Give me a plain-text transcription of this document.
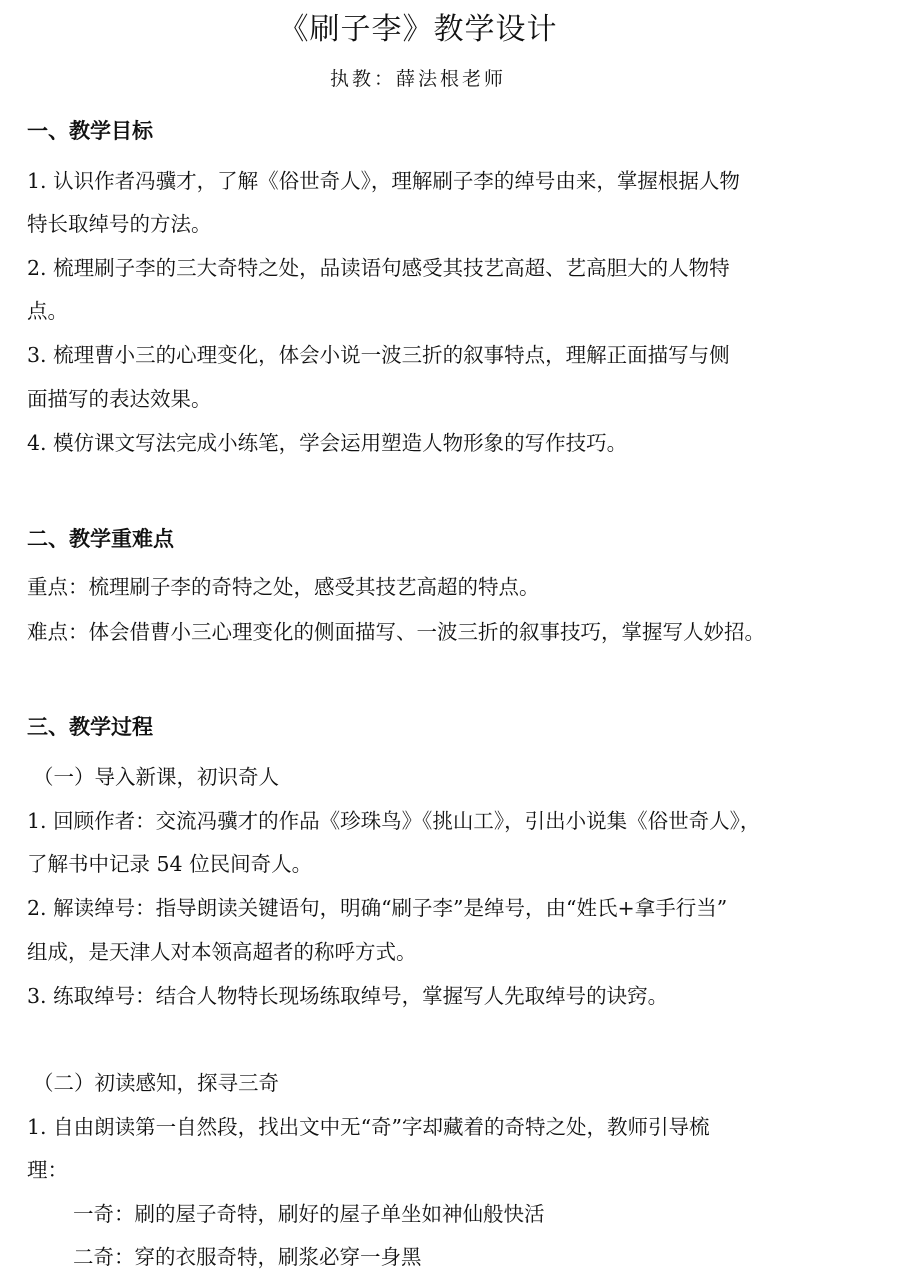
《刷子李》教学设计
执教：薛法根老师
一、教学目标
1. 认识作者冯骥才，了解《俗世奇人》，理解刷子李的绰号由来，掌握根据人物
特长取绰号的方法。
2. 梳理刷子李的三大奇特之处，品读语句感受其技艺高超、艺高胆大的人物特
点。
3. 梳理曹小三的心理变化，体会小说一波三折的叙事特点，理解正面描写与侧
面描写的表达效果。
4. 模仿课文写法完成小练笔，学会运用塑造人物形象的写作技巧。
二、教学重难点
重点：梳理刷子李的奇特之处，感受其技艺高超的特点。
难点：体会借曹小三心理变化的侧面描写、一波三折的叙事技巧，掌握写人妙招。
三、教学过程
（一）导入新课，初识奇人
1. 回顾作者：交流冯骥才的作品《珍珠鸟》《挑山工》，引出小说集《俗世奇人》，
了解书中记录 54 位民间奇人。
2. 解读绰号：指导朗读关键语句，明确“刷子李”是绰号，由“姓氏+拿手行当”
组成，是天津人对本领高超者的称呼方式。
3. 练取绰号：结合人物特长现场练取绰号，掌握写人先取绰号的诀窍。
（二）初读感知，探寻三奇
1. 自由朗读第一自然段，找出文中无“奇”字却藏着的奇特之处，教师引导梳
理：
一奇：刷的屋子奇特，刷好的屋子单坐如神仙般快活
二奇：穿的衣服奇特，刷浆必穿一身黑
